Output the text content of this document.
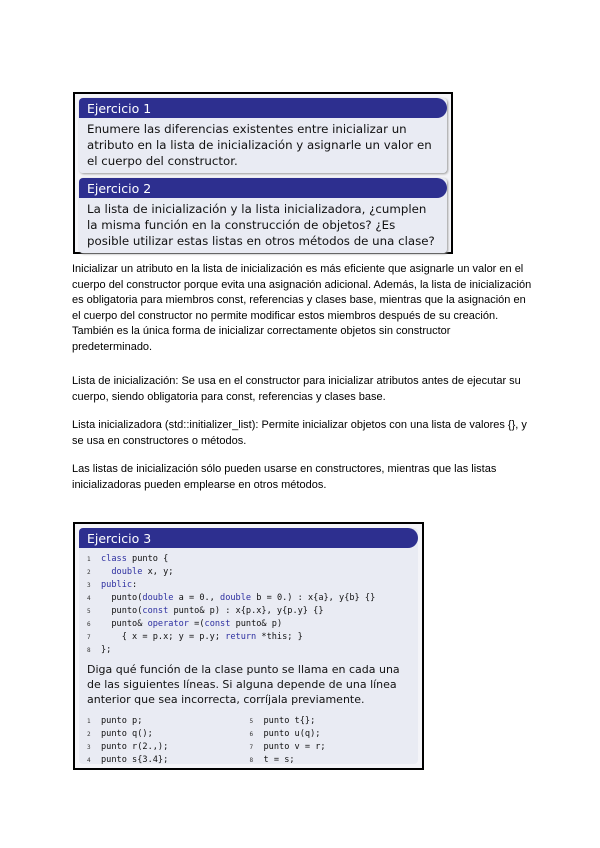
Ejercicio 1
Enumere las diferencias existentes entre inicializar un atributo en la lista de inicialización y asignarle un valor en el cuerpo del constructor.
Ejercicio 2
La lista de inicialización y la lista inicializadora, ¿cumplen la misma función en la construcción de objetos? ¿Es posible utilizar estas listas en otros métodos de una clase?

Inicializar un atributo en la lista de inicialización es más eficiente que asignarle un valor en el cuerpo del constructor porque evita una asignación adicional. Además, la lista de inicialización es obligatoria para miembros const, referencias y clases base, mientras que la asignación en el cuerpo del constructor no permite modificar estos miembros después de su creación. También es la única forma de inicializar correctamente objetos sin constructor predeterminado.

Lista de inicialización: Se usa en el constructor para inicializar atributos antes de ejecutar su cuerpo, siendo obligatoria para const, referencias y clases base.

Lista inicializadora (std::initializer_list): Permite inicializar objetos con una lista de valores {}, y se usa en constructores o métodos.

Las listas de inicialización sólo pueden usarse en constructores, mientras que las listas inicializadoras pueden emplearse en otros métodos.

Ejercicio 3
1 class punto {
2 double x, y;
3 public:
4  punto(double a = 0., double b = 0.) : x{a}, y{b} {}
5  punto(const punto& p) : x{p.x}, y{p.y} {}
6  punto& operator =(const punto& p)
7    { x = p.x; y = p.y; return *this; }
8 };
Diga qué función de la clase punto se llama en cada una de las siguientes líneas. Si alguna depende de una línea anterior que sea incorrecta, corríjala previamente.
1 punto p;
2 punto q();
3 punto r(2.,);
4 punto s{3.4};
5 punto t{};
6 punto u(q);
7 punto v = r;
8 t = s;
